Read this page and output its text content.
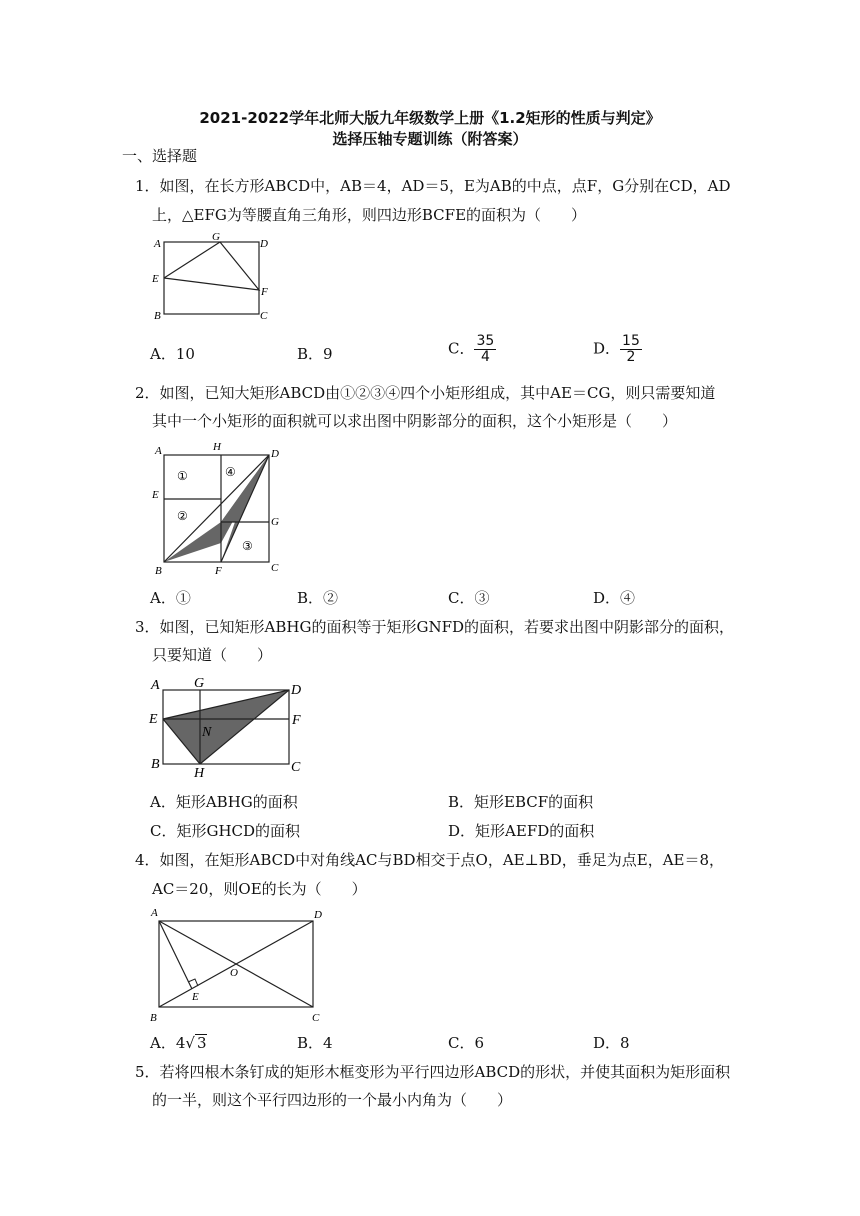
2021-2022学年北师大版九年级数学上册《1.2矩形的性质与判定》
选择压轴专题训练（附答案）
一、选择题
1．如图，在长方形ABCD中，AB＝4，AD＝5，E为AB的中点，点F，G分别在CD，AD
上，△EFG为等腰直角三角形，则四边形BCFE的面积为（　　）
A
G
D
E
F
B	C
A．10	B．9	C． $\frac{35}{4}$	D． $\frac{15}{2}$
2．如图，已知大矩形ABCD由①②③④四个小矩形组成，其中AE＝CG，则只需要知道
其中一个小矩形的面积就可以求出图中阴影部分的面积，这个小矩形是（　　）
A	H
D
E
G
B	F	C
①	④
②
③
A．①	B．②	C．③	D．④
3．如图，已知矩形ABHG的面积等于矩形GNFD的面积，若要求出图中阴影部分的面积，
只要知道（　　）
A G	D
E	F
N
B
H	C
A．矩形ABHG的面积	B．矩形EBCF的面积
C．矩形GHCD的面积	D．矩形AEFD的面积
4．如图，在矩形ABCD中对角线AC与BD相交于点O，AE⊥BD，垂足为点E，AE＝8，
AC＝20，则OE的长为（　　）
A	D
O
E
B	C
A．4√ 3	B．4	C．6	D．8
5．若将四根木条钉成的矩形木框变形为平行四边形ABCD的形状，并使其面积为矩形面积
的一半，则这个平行四边形的一个最小内角为（　　）
